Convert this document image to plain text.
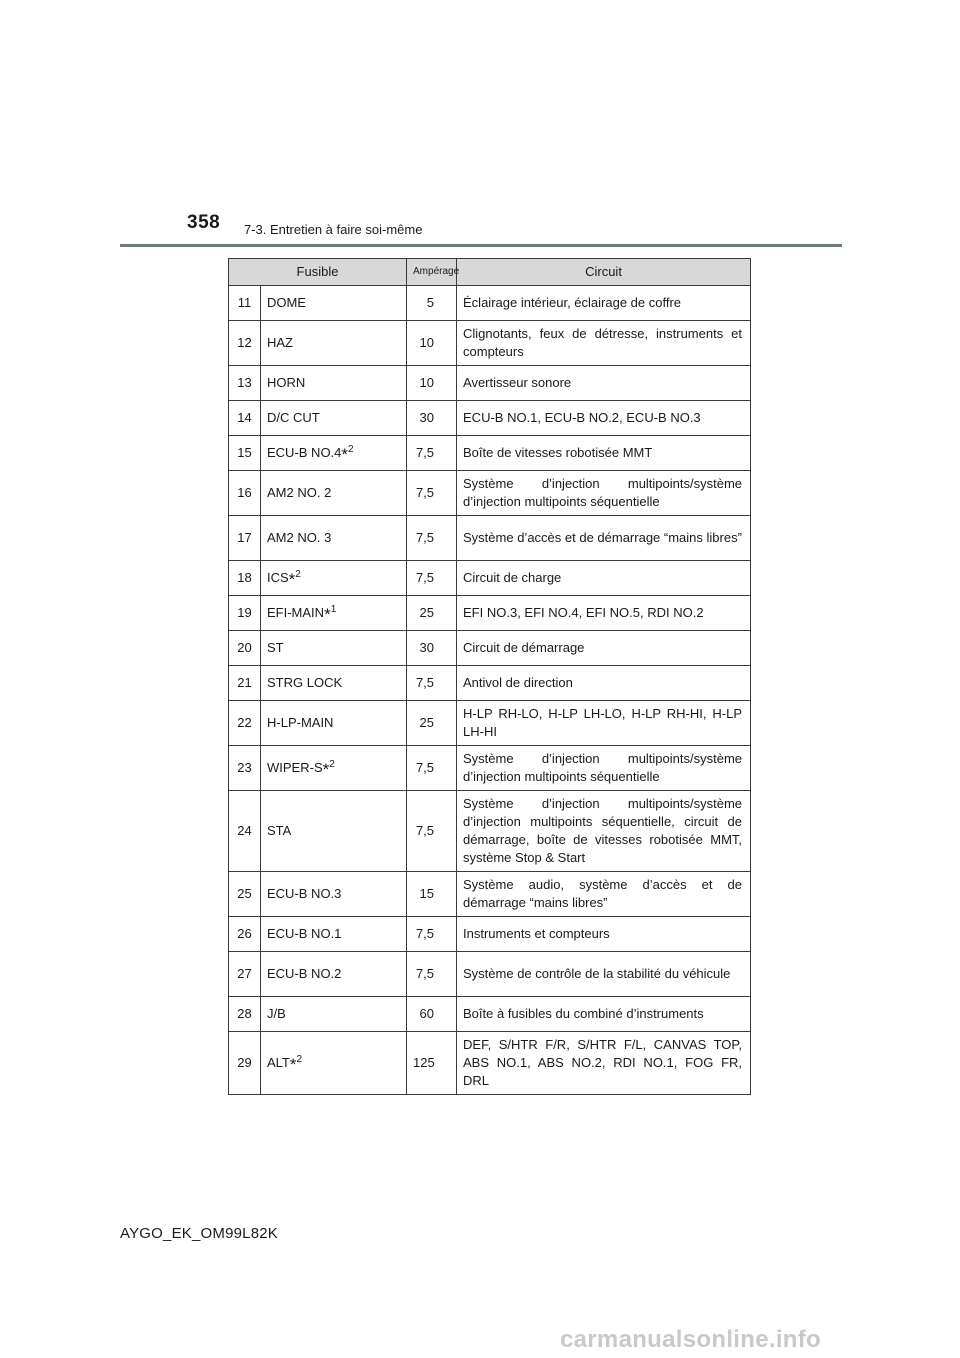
358 7-3. Entretien à faire soi-même
Fusible		Ampérage	Circuit
11	DOME	5	Éclairage intérieur, éclairage de coffre
12	HAZ	10	Clignotants, feux de détresse, instruments et compteurs
13	HORN	10	Avertisseur sonore
14	D/C CUT	30	ECU-B NO.1, ECU-B NO.2, ECU-B NO.3
15	ECU-B NO.4*$^2$	7,5	Boîte de vitesses robotisée MMT
16	AM2 NO. 2	7,5	Système d’injection multipoints/système d’injection multipoints séquentielle
17	AM2 NO. 3	7,5	Système d’accès et de démarrage “mains libres”
18	ICS*$^2$	7,5	Circuit de charge
19	EFI-MAIN*$^1$	25	EFI NO.3, EFI NO.4, EFI NO.5, RDI NO.2
20	ST	30	Circuit de démarrage
21	STRG LOCK	7,5	Antivol de direction
22	H-LP-MAIN	25	H-LP RH-LO, H-LP LH-LO, H-LP RH-HI, H-LP LH-HI
23	WIPER-S*$^2$	7,5	Système d’injection multipoints/système d’injection multipoints séquentielle
24	STA	7,5	Système d’injection multipoints/système d’injection multipoints séquentielle, circuit de démarrage, boîte de vitesses robotisée MMT, système Stop & Start
25	ECU-B NO.3	15	Système audio, système d’accès et de démarrage “mains libres”
26	ECU-B NO.1	7,5	Instruments et compteurs
27	ECU-B NO.2	7,5	Système de contrôle de la stabilité du véhicule
28	J/B	60	Boîte à fusibles du combiné d’instruments
29	ALT*$^2$	125	DEF, S/HTR F/R, S/HTR F/L, CANVAS TOP, ABS NO.1, ABS NO.2, RDI NO.1, FOG FR, DRL
AYGO_EK_OM99L82K
carmanualsonline.info
